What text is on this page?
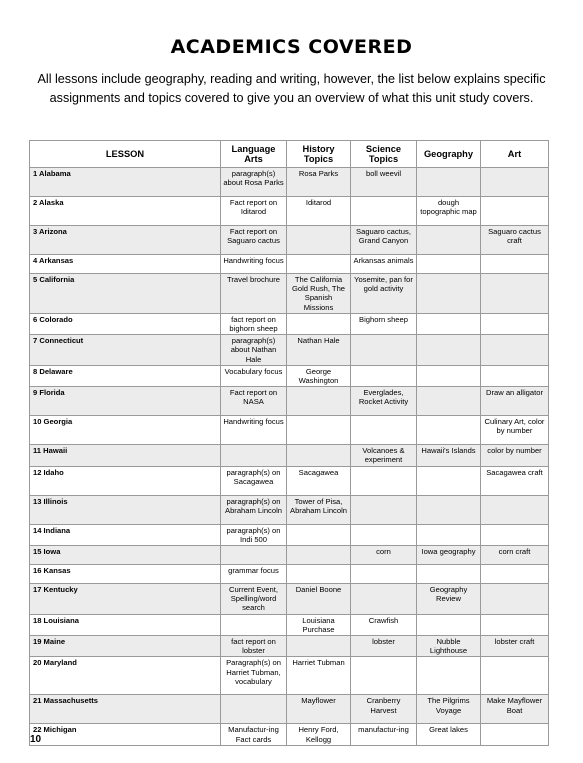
ACADEMICS COVERED

All lessons include geography, reading and writing, however, the list below explains specific

assignments and topics covered to give you an overview of what this unit study covers.

LESSON	Language Arts	History Topics	Science Topics	Geography	Art
1 Alabama	paragraph(s) about Rosa Parks	Rosa Parks	boll weevil		
2 Alaska	Fact report on Iditarod	Iditarod		dough topographic map	
3 Arizona	Fact report on Saguaro cactus		Saguaro cactus, Grand Canyon		Saguaro cactus craft
4 Arkansas	Handwriting focus		Arkansas animals		
5 California	Travel brochure	The California Gold Rush, The Spanish Missions	Yosemite, pan for gold activity		
6 Colorado	fact report on bighorn sheep		Bighorn sheep		
7 Connecticut	paragraph(s) about Nathan Hale	Nathan Hale			
8 Delaware	Vocabulary focus	George Washington			
9 Florida	Fact report on NASA		Everglades, Rocket Activity		Draw an alligator
10 Georgia	Handwriting focus				Culinary Art, color by number
11 Hawaii			Volcanoes & experiment	Hawaii's Islands	color by number
12 Idaho	paragraph(s) on Sacagawea	Sacagawea			Sacagawea craft
13 Illinois	paragraph(s) on Abraham Lincoln	Tower of Pisa, Abraham Lincoln			
14 Indiana	paragraph(s) on Indi 500				
15 Iowa			corn	Iowa geography	corn craft
16 Kansas	grammar focus				
17 Kentucky	Current Event, Spelling/word search	Daniel Boone		Geography Review	
18 Louisiana		Louisiana Purchase	Crawfish		
19 Maine	fact report on lobster		lobster	Nubble Lighthouse	lobster craft
20 Maryland	Paragraph(s) on Harriet Tubman, vocabulary	Harriet Tubman			
21 Massachusetts		Mayflower	Cranberry Harvest	The Pilgrims Voyage	Make Mayflower Boat
22 Michigan	Manufactur-ing Fact cards	Henry Ford, Kellogg	manufactur-ing	Great lakes	
10
